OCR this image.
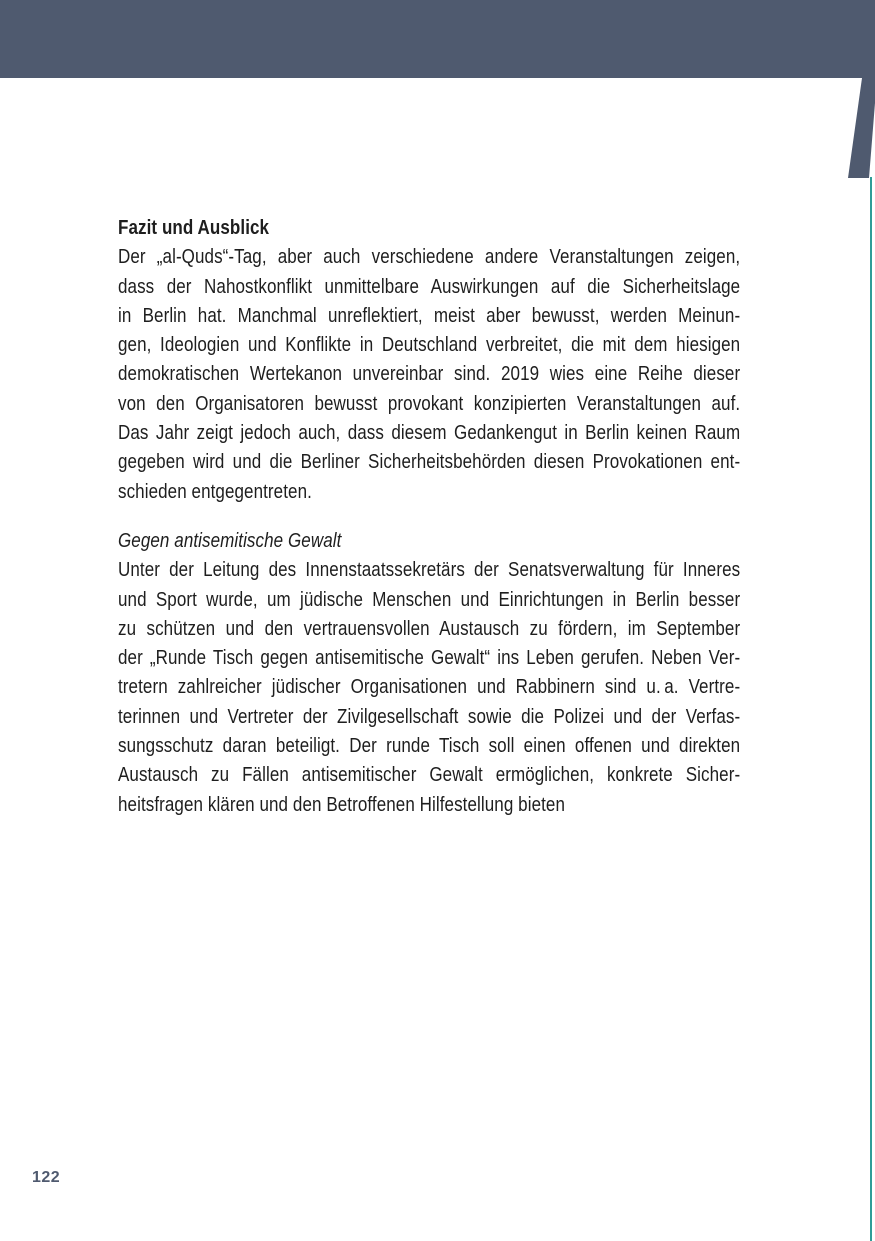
Fazit und Ausblick
Der „al-Quds“-Tag, aber auch verschiedene andere Veranstaltungen zeigen,
dass der Nahostkonflikt unmittelbare Auswirkungen auf die Sicherheitslage
in Berlin hat. Manchmal unreflektiert, meist aber bewusst, werden Meinun-
gen, Ideologien und Konflikte in Deutschland verbreitet, die mit dem hiesigen
demokratischen Wertekanon unvereinbar sind. 2019 wies eine Reihe dieser
von den Organisatoren bewusst provokant konzipierten Veranstaltungen auf.
Das Jahr zeigt jedoch auch, dass diesem Gedankengut in Berlin keinen Raum
gegeben wird und die Berliner Sicherheitsbehörden diesen Provokationen ent-
schieden entgegentreten.
Gegen antisemitische Gewalt
Unter der Leitung des Innenstaatssekretärs der Senatsverwaltung für Inneres
und Sport wurde, um jüdische Menschen und Einrichtungen in Berlin besser
zu schützen und den vertrauensvollen Austausch zu fördern, im September
der „Runde Tisch gegen antisemitische Gewalt“ ins Leben gerufen. Neben Ver-
tretern zahlreicher jüdischer Organisationen und Rabbinern sind u. a. Vertre-
terinnen und Vertreter der Zivilgesellschaft sowie die Polizei und der Verfas-
sungsschutz daran beteiligt. Der runde Tisch soll einen offenen und direkten
Austausch zu Fällen antisemitischer Gewalt ermöglichen, konkrete Sicher-
heitsfragen klären und den Betroffenen Hilfestellung bieten
122
